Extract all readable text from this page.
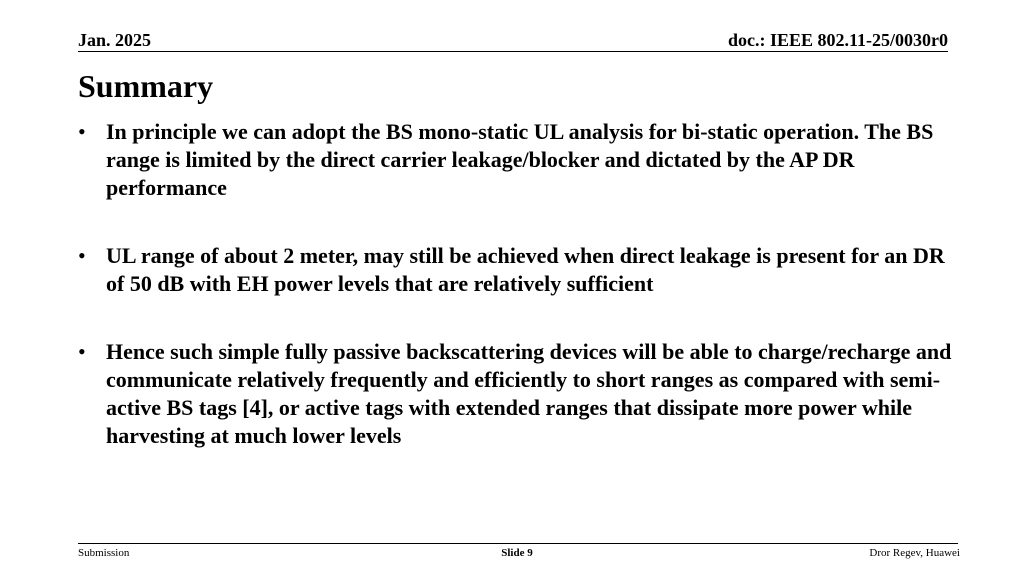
Jan. 2025	doc.: IEEE 802.11-25/0030r0
Summary
• In principle we can adopt the BS mono-static UL analysis for bi-static operation. The BS range is limited by the direct carrier leakage/blocker and dictated by the AP DR performance
• UL range of about 2 meter, may still be achieved when direct leakage is present for an DR of 50 dB with EH power levels that are relatively sufficient
• Hence such simple fully passive backscattering devices will be able to charge/recharge and communicate relatively frequently and efficiently to short ranges as compared with semi-active BS tags [4], or active tags with extended ranges that dissipate more power while harvesting at much lower levels
Submission	Slide 9	Dror Regev, Huawei
